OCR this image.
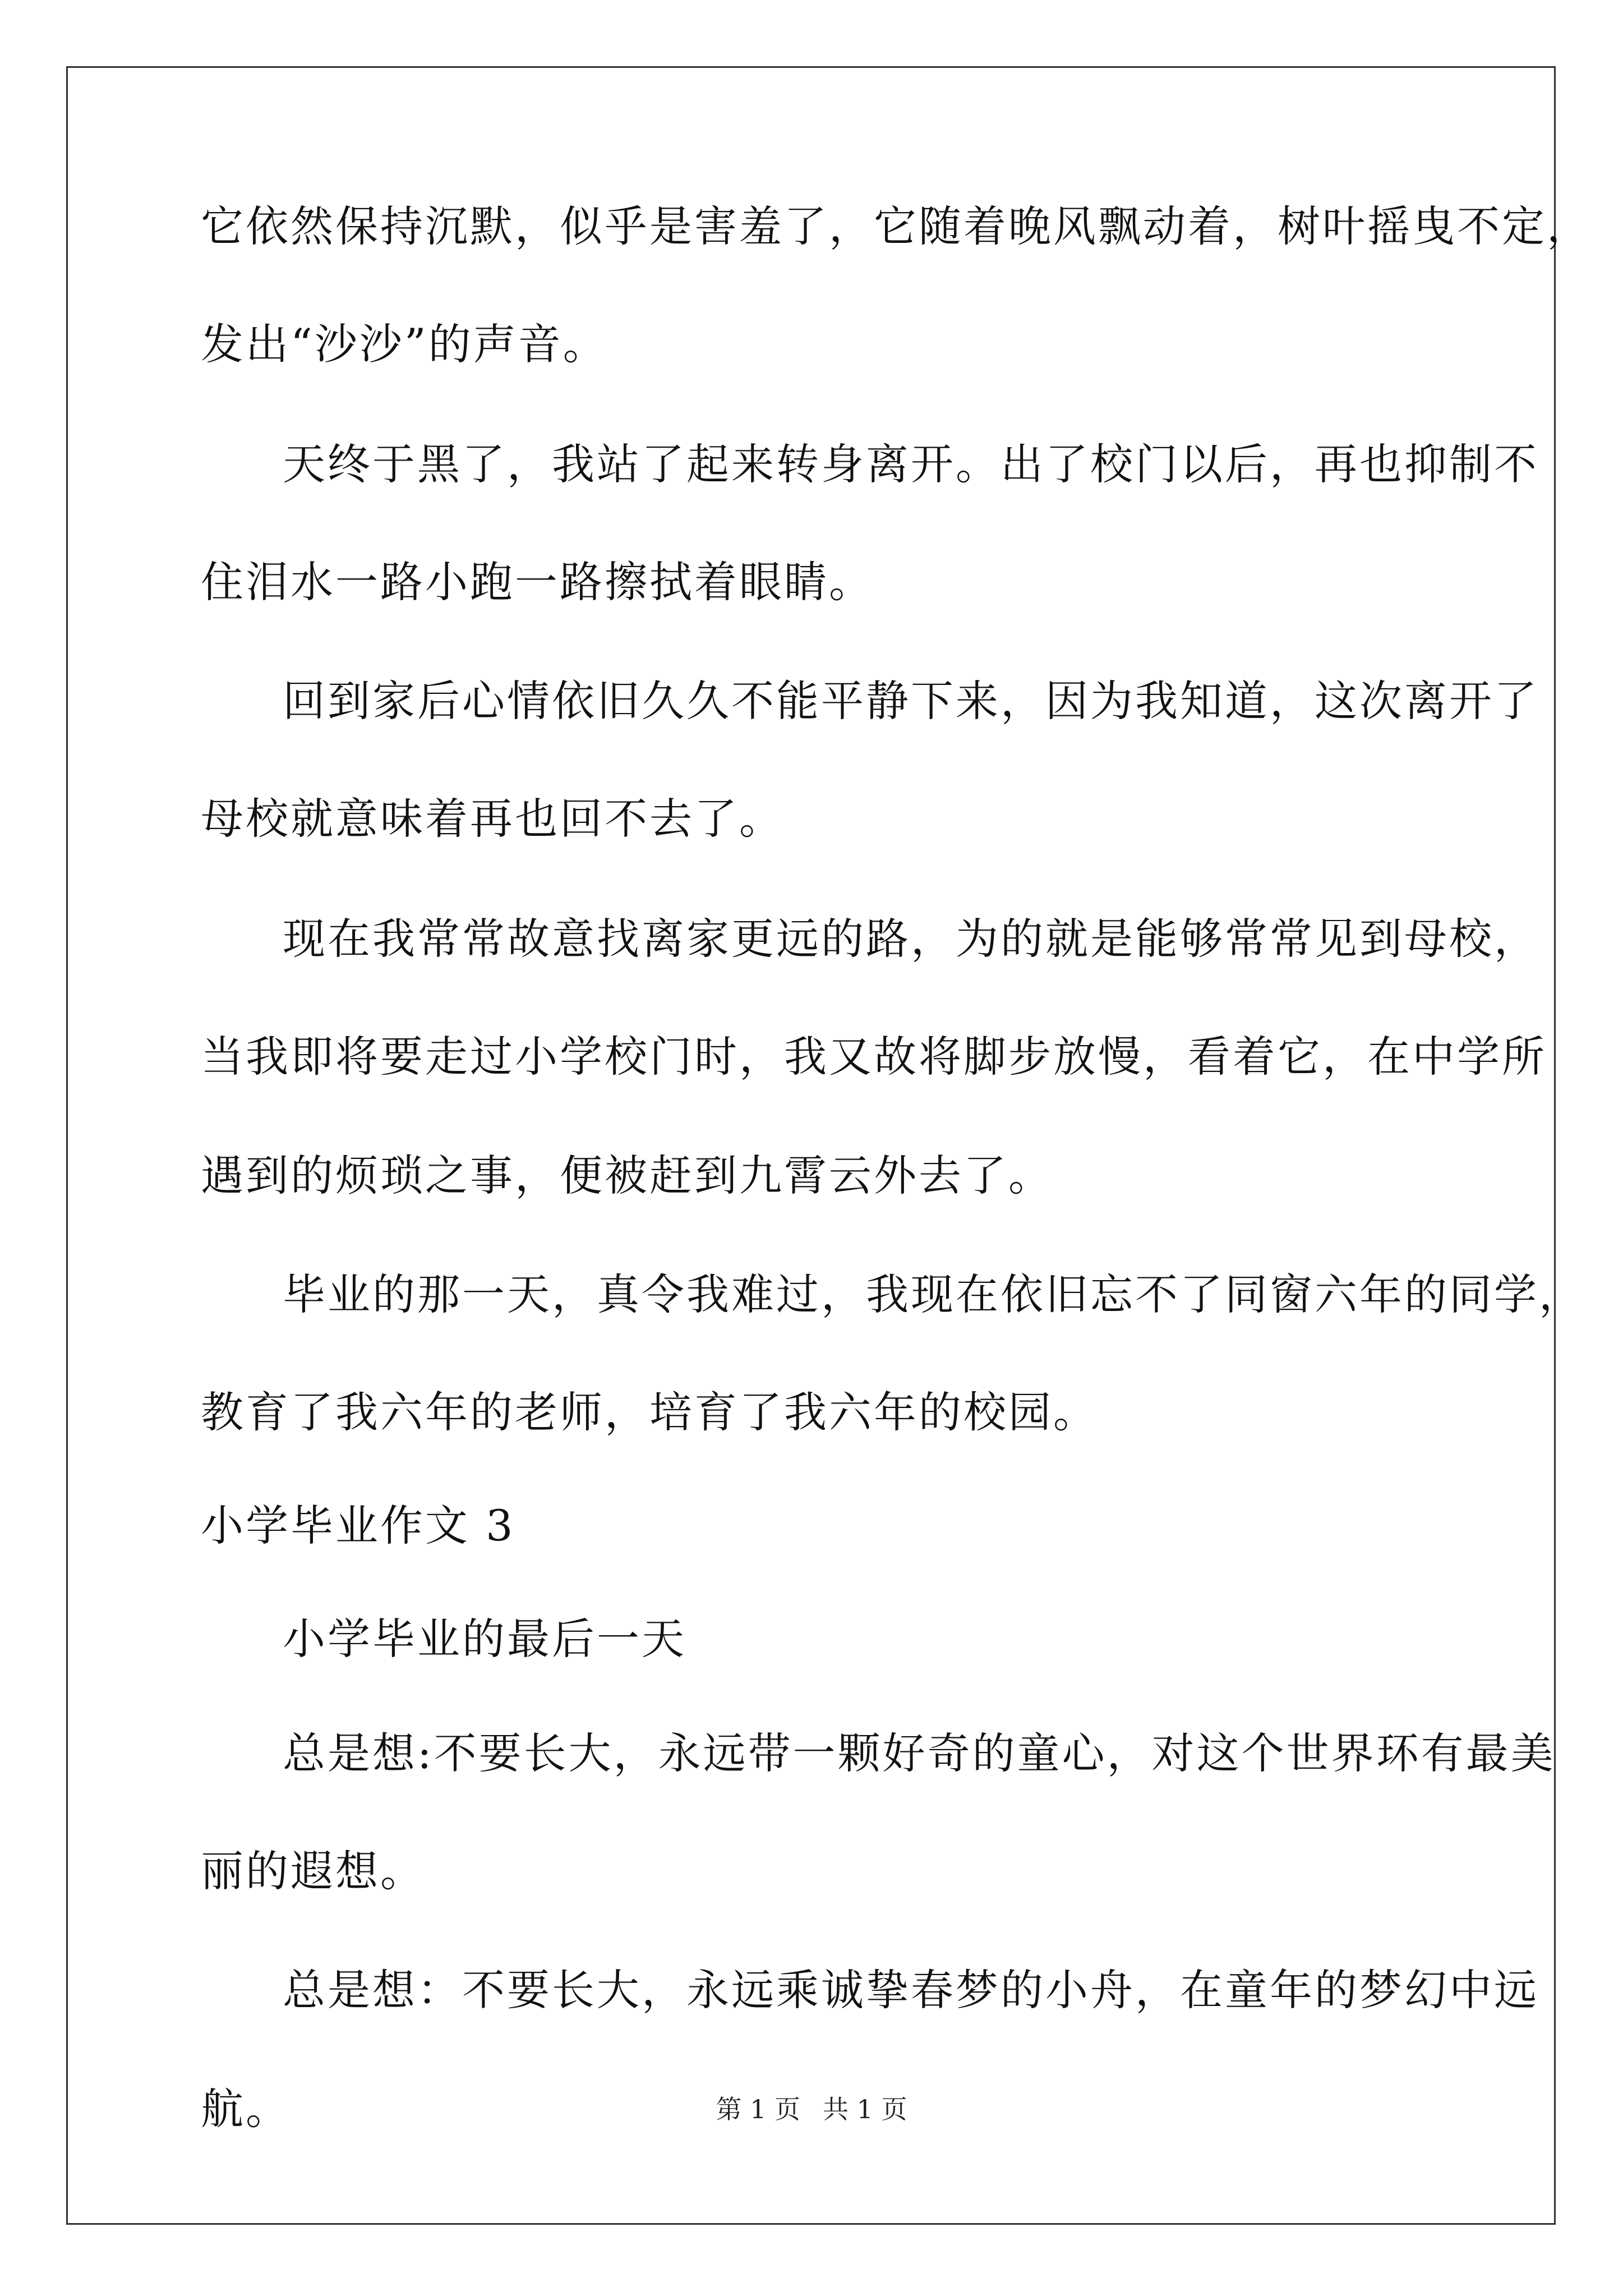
它依然保持沉默，似乎是害羞了，它随着晚风飘动着，树叶摇曳不定，
发出“沙沙”的声音。
天终于黑了，我站了起来转身离开。出了校门以后，再也抑制不
住泪水一路小跑一路擦拭着眼睛。
回到家后心情依旧久久不能平静下来，因为我知道，这次离开了
母校就意味着再也回不去了。
现在我常常故意找离家更远的路，为的就是能够常常见到母校，
当我即将要走过小学校门时，我又故将脚步放慢，看着它，在中学所
遇到的烦琐之事，便被赶到九霄云外去了。
毕业的那一天，真令我难过，我现在依旧忘不了同窗六年的同学，
教育了我六年的老师，培育了我六年的校园。
小学毕业作文 3
小学毕业的最后一天
总是想:不要长大，永远带一颗好奇的童心，对这个世界环有最美
丽的遐想。
总是想：不要长大，永远乘诚挚春梦的小舟，在童年的梦幻中远
航。	第 1 页 共 1 页
